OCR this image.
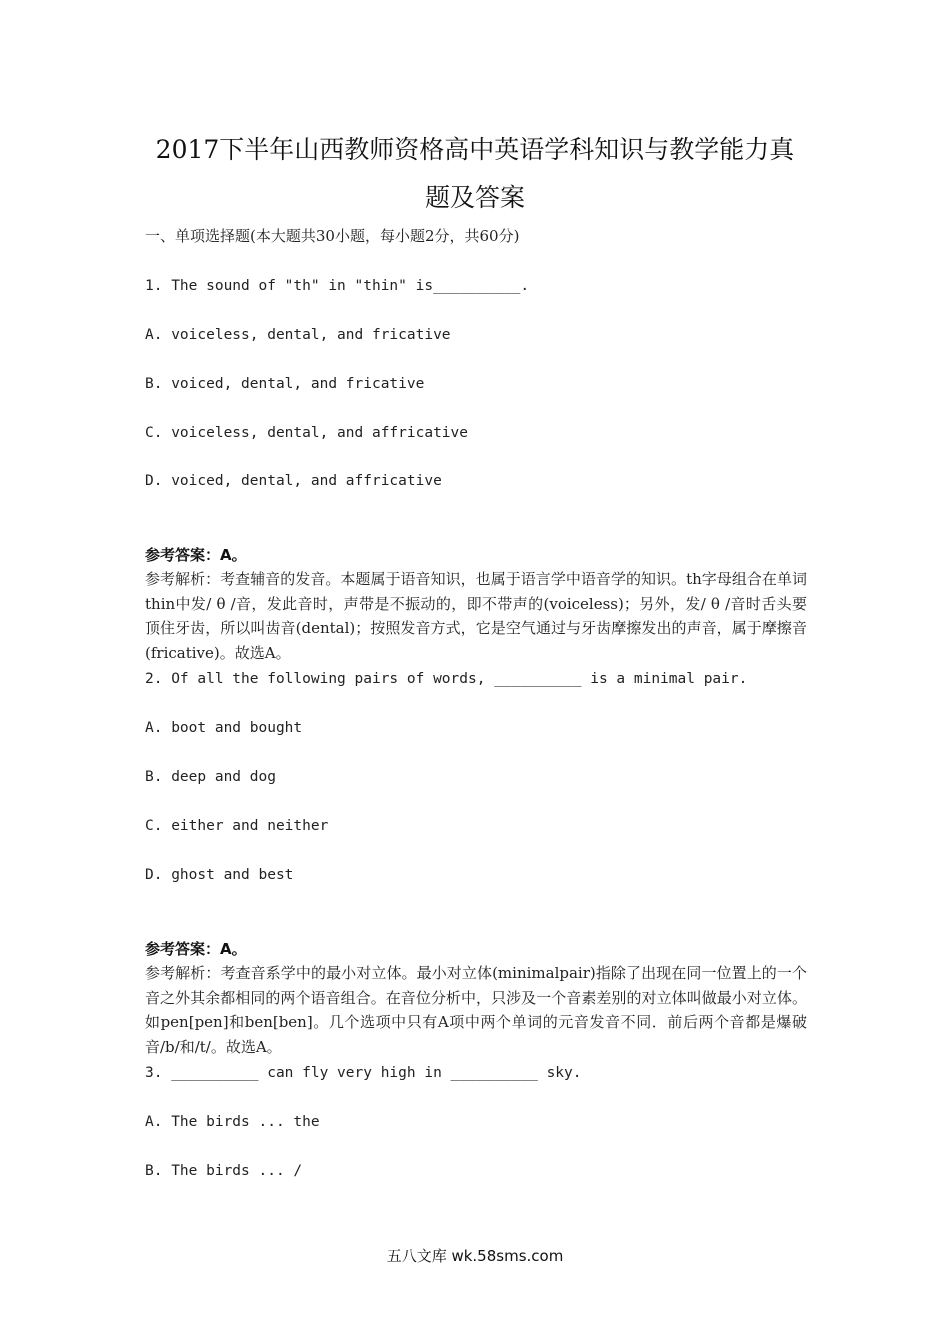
2017下半年山西教师资格高中英语学科知识与教学能力真
题及答案
一、单项选择题(本大题共30小题，每小题2分，共60分)
1. The sound of "th" in "thin" is__________.
A. voiceless, dental, and fricative
B. voiced, dental, and fricative
C. voiceless, dental, and affricative
D. voiced, dental, and affricative
参考答案：A。
参考解析：考查辅音的发音。本题属于语音知识，也属于语言学中语音学的知识。th字母组合在单词thin中发/ θ /音，发此音时，声带是不振动的，即不带声的(voiceless)；另外，发/ θ /音时舌头要顶住牙齿，所以叫齿音(dental)；按照发音方式，它是空气通过与牙齿摩擦发出的声音，属于摩擦音(fricative)。故选A。
2. Of all the following pairs of words, __________ is a minimal pair.
A. boot and bought
B. deep and dog
C. either and neither
D. ghost and best
参考答案：A。
参考解析：考查音系学中的最小对立体。最小对立体(minimalpair)指除了出现在同一位置上的一个音之外其余都相同的两个语音组合。在音位分析中，只涉及一个音素差别的对立体叫做最小对立体。如pen[pen]和ben[ben]。几个选项中只有A项中两个单词的元音发音不同．前后两个音都是爆破音/b/和/t/。故选A。
3. __________ can fly very high in __________ sky.
A. The birds ... the
B. The birds ... /
五八文库 wk.58sms.com
